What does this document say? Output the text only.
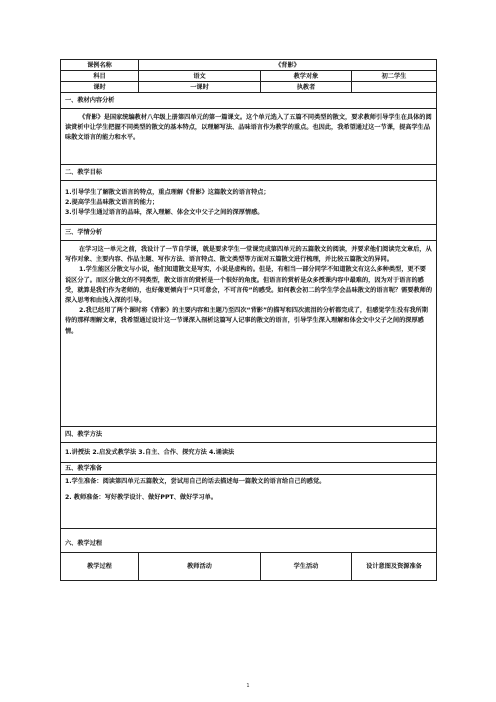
课例名称	《背影》		
科目	语文	教学对象	初二学生
课时	一课时	执教者	
一、教材内容分析			

《背影》是国家统编教材八年级上册第四单元的第一篇课文。这个单元选入了五篇不同类型的散文，要求教师引导学生在具体的阅读赏析中让学生把握不同类型的散文的基本特点，以理解写法、品味语言作为教学的重点。也因此，我希望通过这一节课，提高学生品味散文语言的能力和水平。			

二、教学目标			

1.引导学生了解散文语言的特点，重点理解《背影》这篇散文的语言特点；

2.提高学生品味散文语言的能力；

3.引导学生通过语言的品味，深入理解、体会文中父子之间的深厚情感。			

三、学情分析			

在学习这一单元之前，我设计了一节自学课，就是要求学生一堂课完成第四单元的五篇散文的阅读，并要求他们阅读完文章后，从写作对象、主要内容、作品主题、写作方法、语言特点、散文类型等方面对五篇散文进行梳理，并比较五篇散文的异同。

1.学生能区分散文与小说，他们知道散文是写实，小说是虚构的。但是，有相当一部分同学不知道散文有这么多种类型，更不要说区分了。而区分散文的不同类型，散文语言的赏析是一个很好的角度。但语言的赏析是众多授课内容中最难的，因为对于语言的感受，就算是我们作为老师的，也好像更倾向于“只可意会，不可言传”的感受。如何教会初二的学生学会品味散文的语言呢？需要教师的深入思考和由浅入深的引导。

2.我已经用了两个课时将《背影》的主要内容和主题乃至四次“背影”的描写和四次流泪的分析都完成了，但感觉学生没有我所期待的那样理解文章，我希望通过设计这一节课深入剖析这篇写人记事的散文的语言，引导学生深入理解和体会文中父子之间的深厚感情。			

四、教学方法			
1.讲授法 2.启发式教学法 3.自主、合作、探究方法 4.诵读法			
五、教学准备			

1.学生准备：阅读第四单元五篇散文，尝试用自己的话去描述每一篇散文的语言给自己的感觉。

2. 教师准备：写好教学设计、做好PPT、做好学习单。			

六、教学过程			
教学过程	教师活动	学生活动	设计意图及资源准备
1
